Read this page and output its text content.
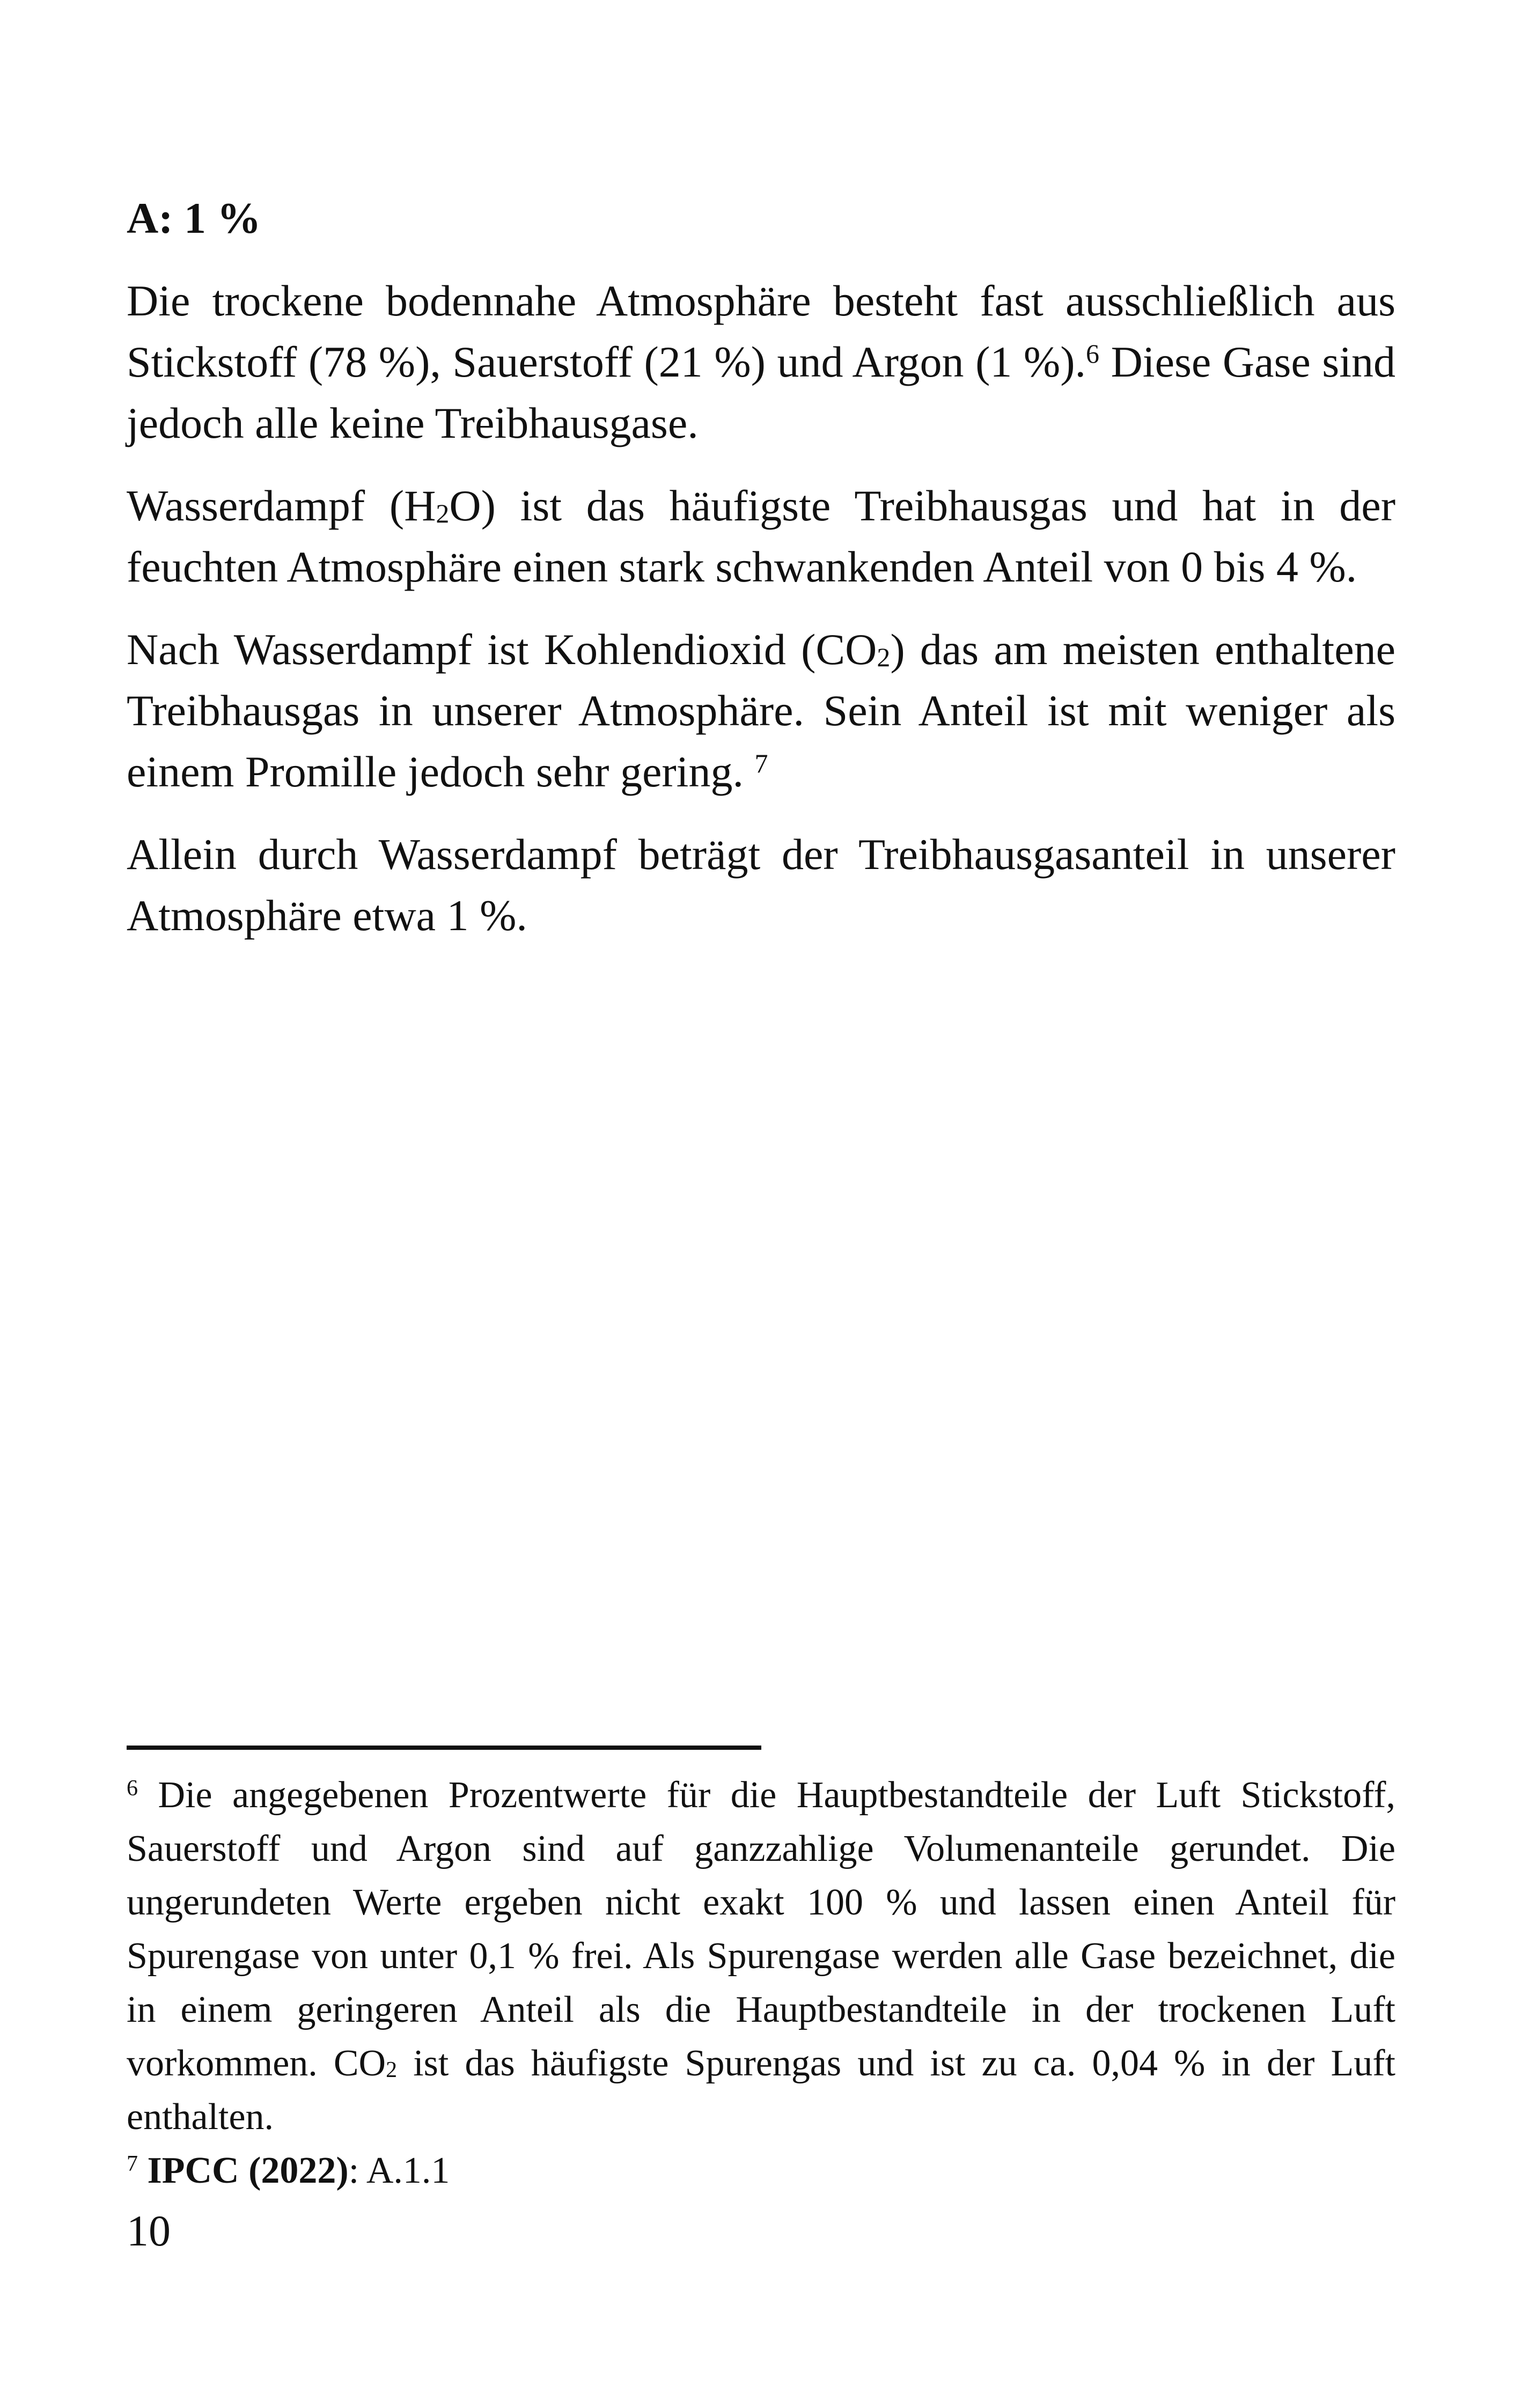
A: 1 %

Die trockene bodennahe Atmosphäre besteht fast ausschließlich aus Stickstoff (78 %), Sauerstoff (21 %) und Argon (1 %).$^6$ Diese Gase sind jedoch alle keine Treibhausgase.

Wasserdampf (H2O) ist das häufigste Treibhausgas und hat in der feuchten Atmosphäre einen stark schwankenden Anteil von 0 bis 4 %.

Nach Wasserdampf ist Kohlendioxid (CO2) das am meisten enthaltene Treibhausgas in unserer Atmosphäre. Sein Anteil ist mit weniger als einem Promille jedoch sehr gering. $^7$

Allein durch Wasserdampf beträgt der Treibhausgasanteil in unserer Atmosphäre etwa 1 %.

$^6$ Die angegebenen Prozentwerte für die Hauptbestandteile der Luft Stickstoff, Sauerstoff und Argon sind auf ganzzahlige Volumenanteile gerundet. Die ungerundeten Werte ergeben nicht exakt 100 % und lassen einen Anteil für Spurengase von unter 0,1 % frei. Als Spurengase werden alle Gase bezeichnet, die in einem geringeren Anteil als die Hauptbestandteile in der trockenen Luft vorkommen. CO2 ist das häufigste Spurengas und ist zu ca. 0,04 % in der Luft enthalten.

$^7$ IPCC (2022): A.1.1

10
